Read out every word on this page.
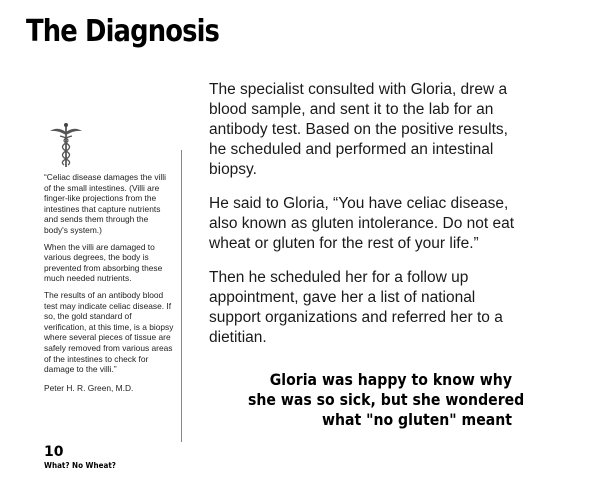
The Diagnosis

“Celiac disease damages the villi of the small intestines. (Villi are finger-like projections from the intestines that capture nutrients and sends them through the body's system.)

When the villi are damaged to various degrees, the body is prevented from absorbing these much needed nutrients.

The results of an antibody blood test may indicate celiac disease. If so, the gold standard of verification, at this time, is a biopsy where several pieces of tissue are safely removed from various areas of the intestines to check for damage to the villi.”

Peter H. R. Green, M.D.

The specialist consulted with Gloria, drew a blood sample, and sent it to the lab for an antibody test. Based on the positive results, he scheduled and performed an intestinal biopsy.

He said to Gloria, “You have celiac disease, also known as gluten intolerance. Do not eat wheat or gluten for the rest of your life.”

Then he scheduled her for a follow up appointment, gave her a list of national support organizations and referred her to a dietitian.

Gloria was happy to know why
she was so sick, but she wondered
what "no gluten" meant
10
What? No Wheat?
